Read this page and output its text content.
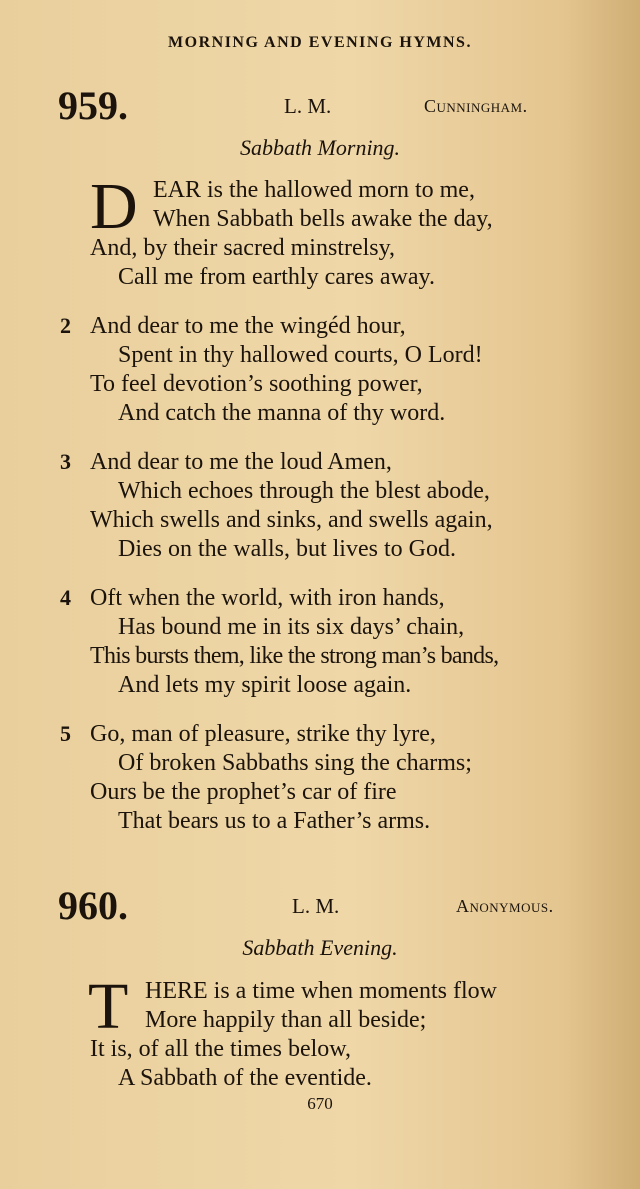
MORNING AND EVENING HYMNS.
959.	L. M.	Cunningham.
Sabbath Morning.
D EAR is the hallowed morn to me,
When Sabbath bells awake the day,
And, by their sacred minstrelsy,
Call me from earthly cares away.
2 And dear to me the wingéd hour,
Spent in thy hallowed courts, O Lord!
To feel devotion’s soothing power,
And catch the manna of thy word.
3 And dear to me the loud Amen,
Which echoes through the blest abode,
Which swells and sinks, and swells again,
Dies on the walls, but lives to God.
4 Oft when the world, with iron hands,
Has bound me in its six days’ chain,
This bursts them, like the strong man’s bands,
And lets my spirit loose again.
5 Go, man of pleasure, strike thy lyre,
Of broken Sabbaths sing the charms;
Ours be the prophet’s car of fire
That bears us to a Father’s arms.
960.	L. M.	Anonymous.
Sabbath Evening.
T HERE is a time when moments flow
More happily than all beside;
It is, of all the times below,
A Sabbath of the eventide.
670
